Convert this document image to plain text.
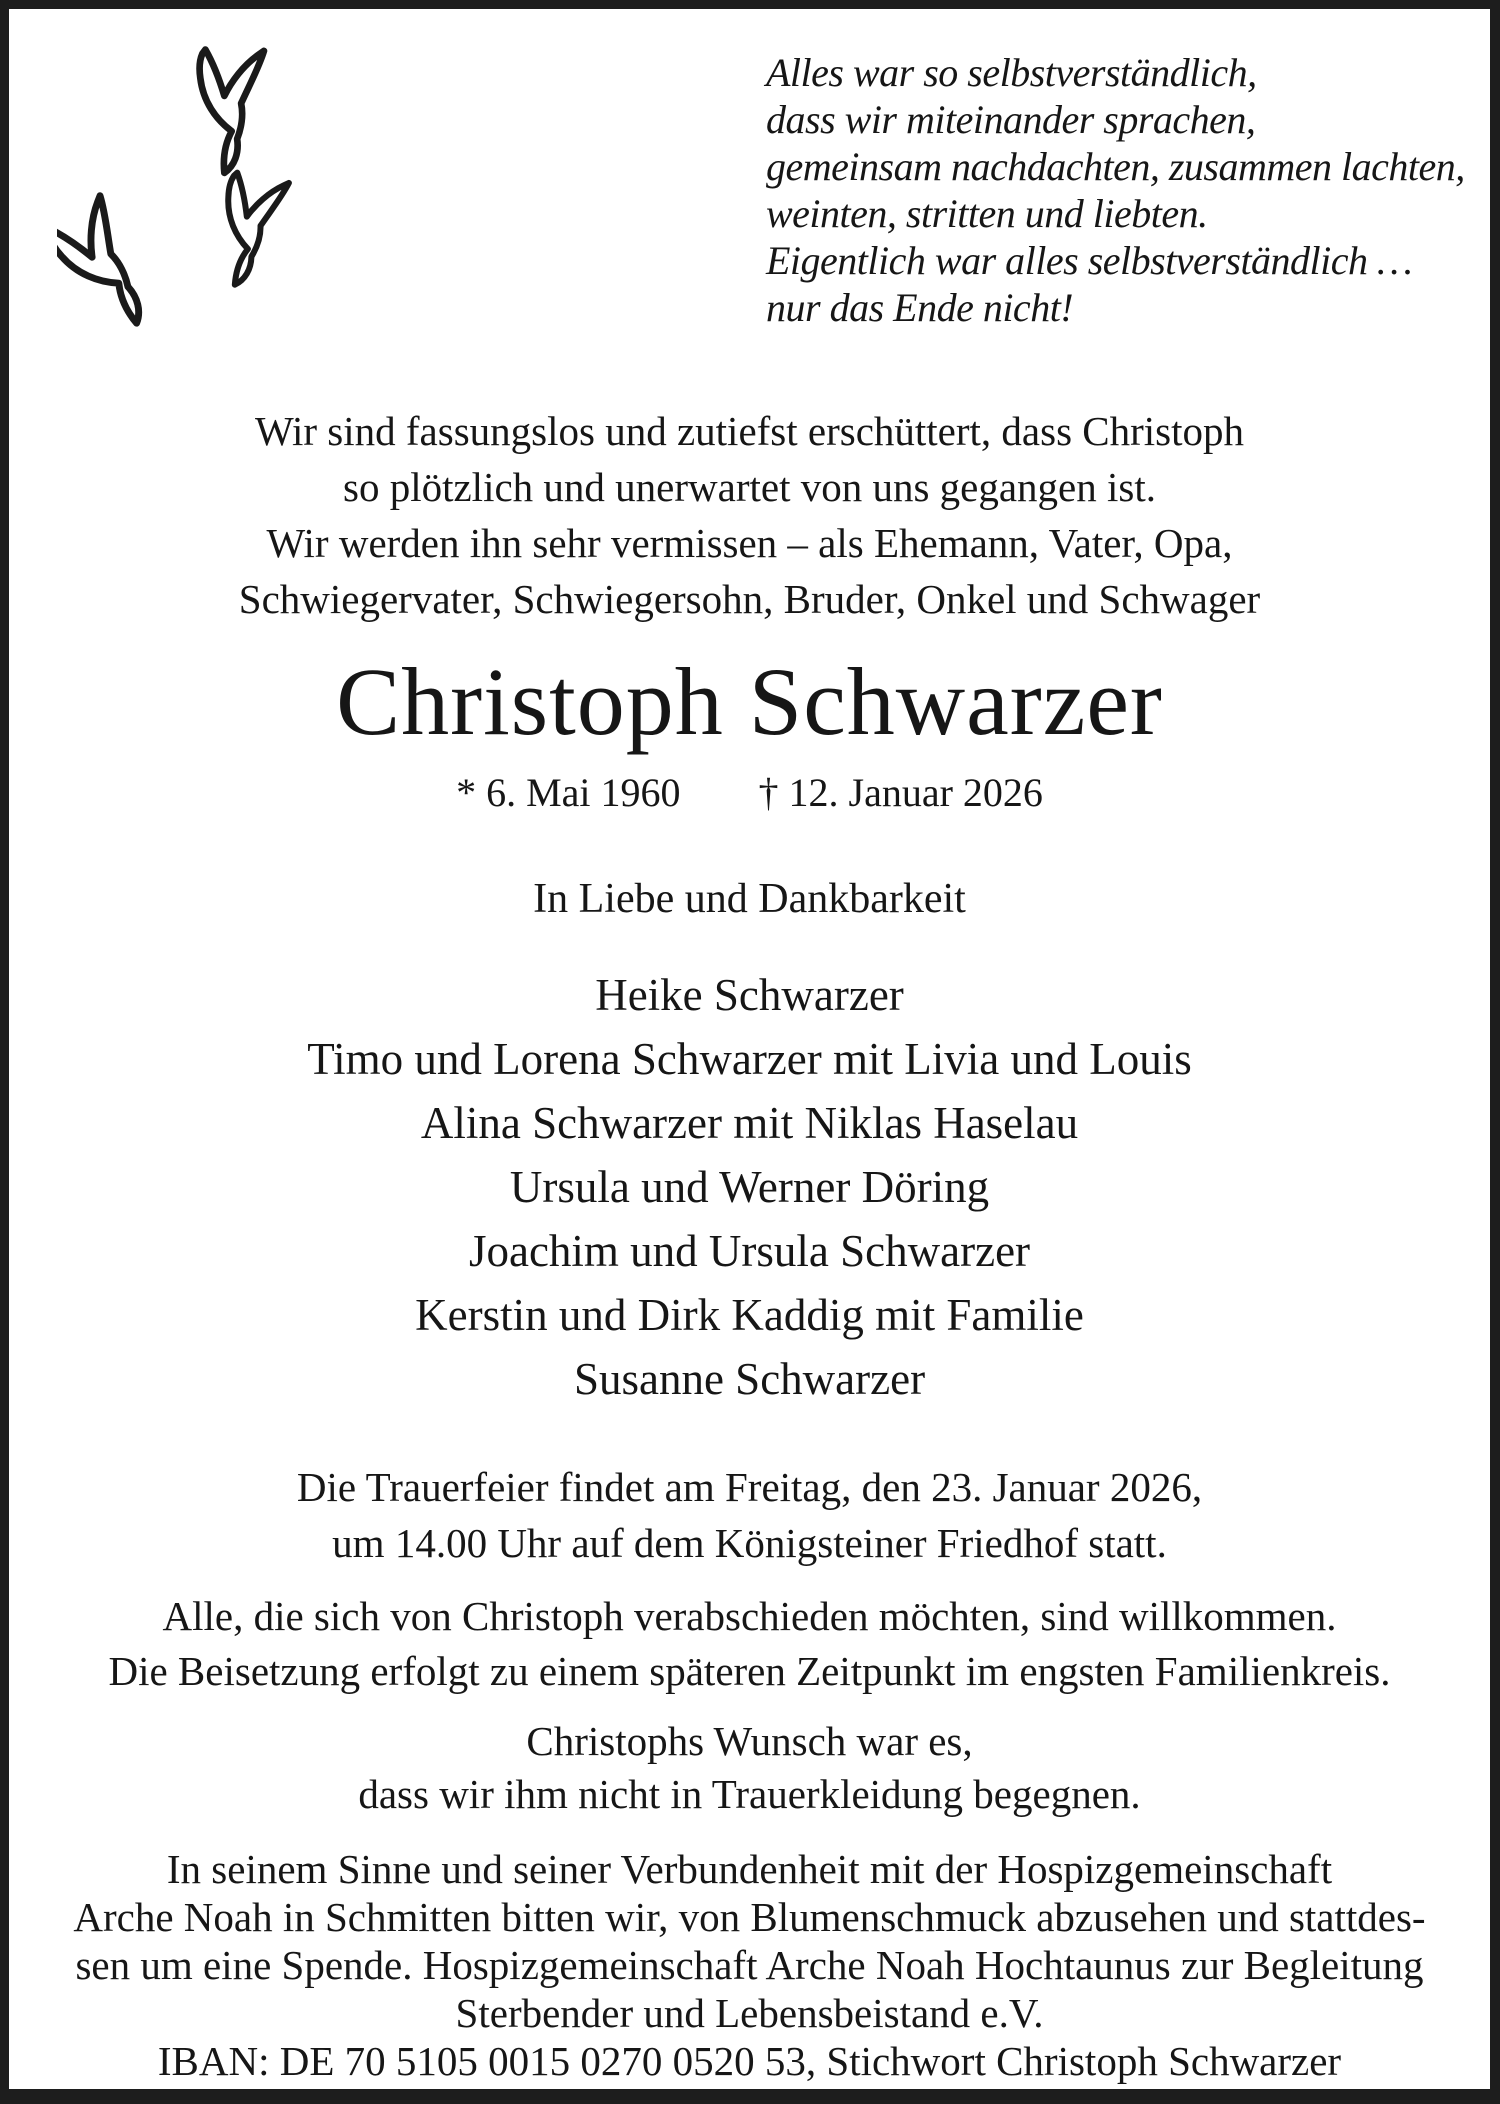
Alles war so selbstverständlich,
dass wir miteinander sprachen,
gemeinsam nachdachten, zusammen lachten,
weinten, stritten und liebten.
Eigentlich war alles selbstverständlich …
nur das Ende nicht!
Wir sind fassungslos und zutiefst erschüttert, dass Christoph
so plötzlich und unerwartet von uns gegangen ist.
Wir werden ihn sehr vermissen – als Ehemann, Vater, Opa,
Schwiegervater, Schwiegersohn, Bruder, Onkel und Schwager
Christoph Schwarzer
* 6. Mai 1960 † 12. Januar 2026
In Liebe und Dankbarkeit
Heike Schwarzer
Timo und Lorena Schwarzer mit Livia und Louis
Alina Schwarzer mit Niklas Haselau
Ursula und Werner Döring
Joachim und Ursula Schwarzer
Kerstin und Dirk Kaddig mit Familie
Susanne Schwarzer
Die Trauerfeier findet am Freitag, den 23. Januar 2026,
um 14.00 Uhr auf dem Königsteiner Friedhof statt.
Alle, die sich von Christoph verabschieden möchten, sind willkommen.
Die Beisetzung erfolgt zu einem späteren Zeitpunkt im engsten Familienkreis.
Christophs Wunsch war es,
dass wir ihm nicht in Trauerkleidung begegnen.
In seinem Sinne und seiner Verbundenheit mit der Hospizgemeinschaft
Arche Noah in Schmitten bitten wir, von Blumenschmuck abzusehen und stattdes-
sen um eine Spende. Hospizgemeinschaft Arche Noah Hochtaunus zur Begleitung
Sterbender und Lebensbeistand e.V.
IBAN: DE 70 5105 0015 0270 0520 53, Stichwort Christoph Schwarzer
